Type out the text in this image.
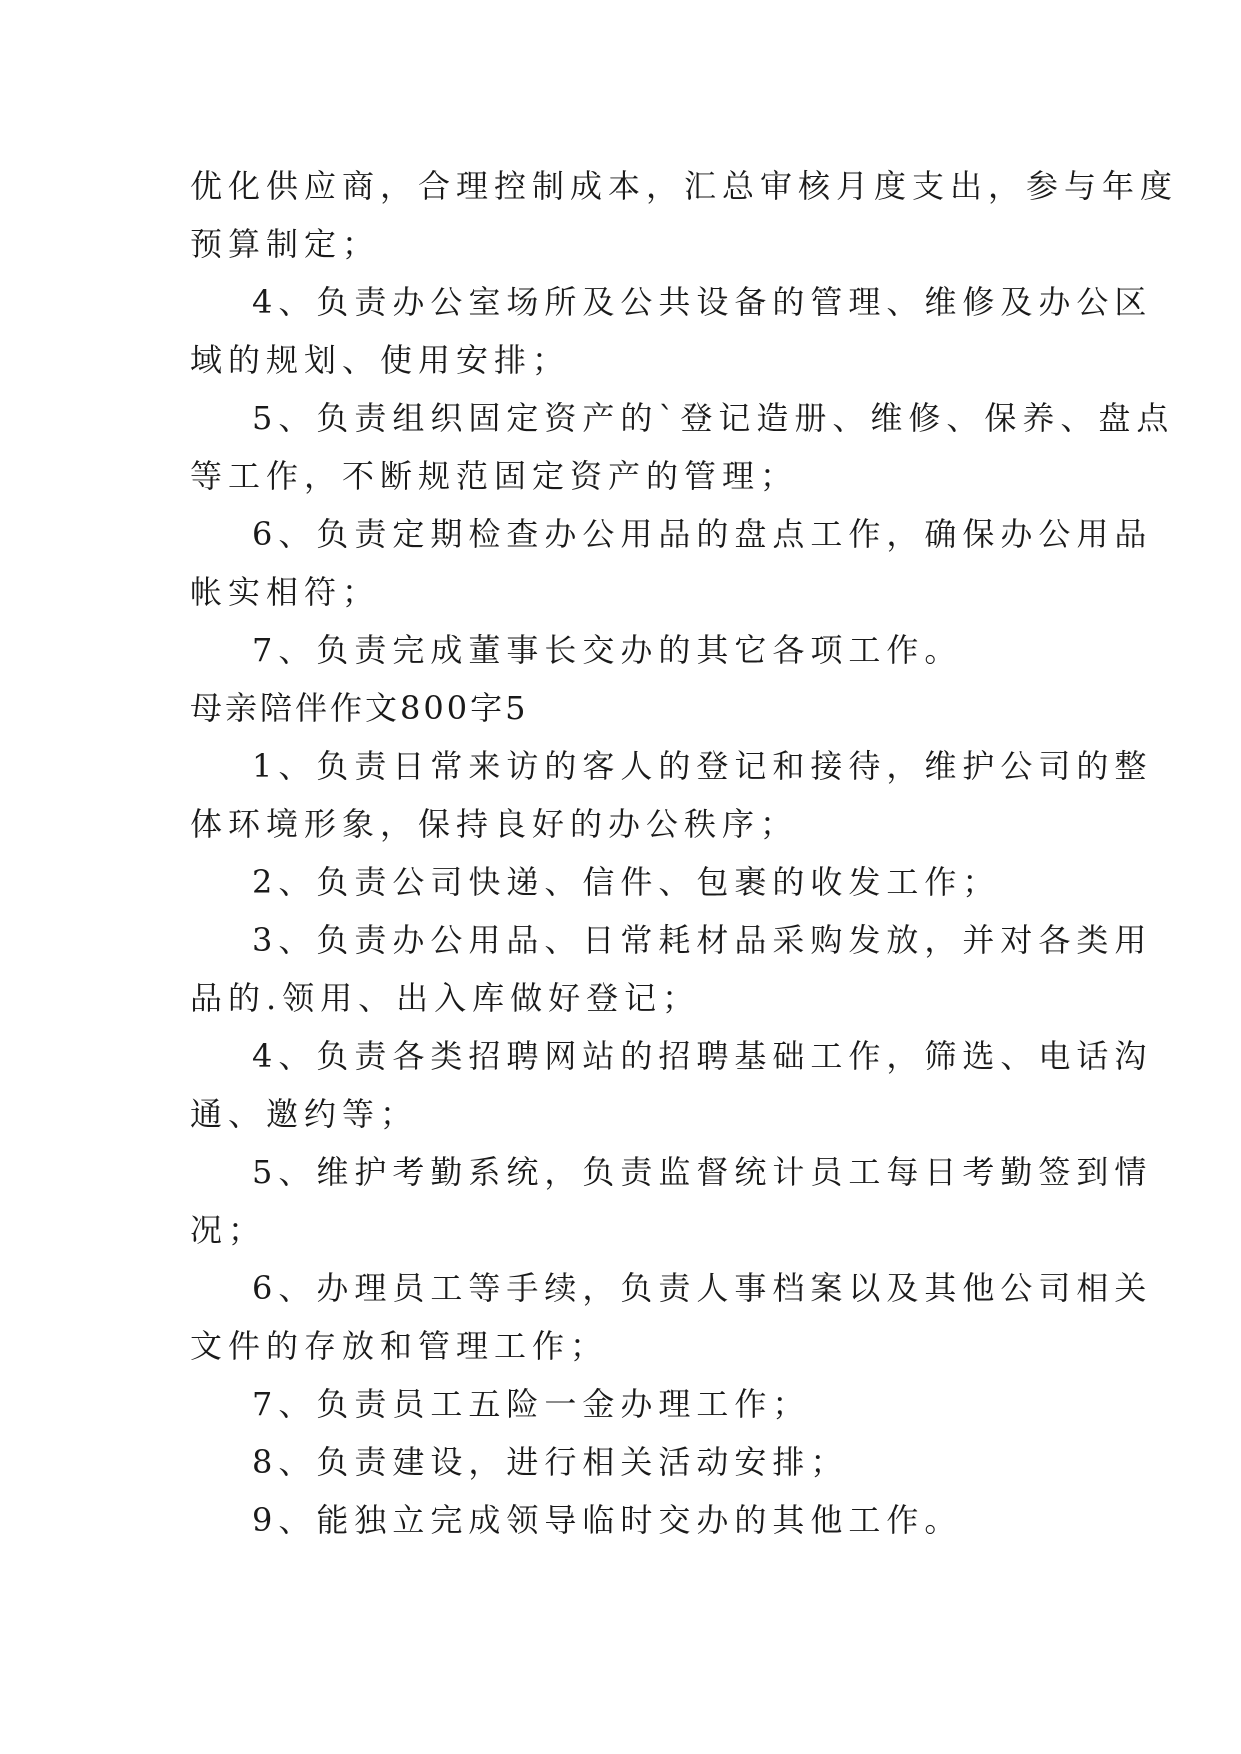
优化供应商，合理控制成本，汇总审核月度支出，参与年度
预算制定；
4、负责办公室场所及公共设备的管理、维修及办公区
域的规划、使用安排；
5、负责组织固定资产的`登记造册、维修、保养、盘点
等工作，不断规范固定资产的管理；
6、负责定期检查办公用品的盘点工作，确保办公用品
帐实相符；
7、负责完成董事长交办的其它各项工作。
母亲陪伴作文800字5
1、负责日常来访的客人的登记和接待，维护公司的整
体环境形象，保持良好的办公秩序；
2、负责公司快递、信件、包裹的收发工作；
3、负责办公用品、日常耗材品采购发放，并对各类用
品的.领用、出入库做好登记；
4、负责各类招聘网站的招聘基础工作，筛选、电话沟
通、邀约等；
5、维护考勤系统，负责监督统计员工每日考勤签到情
况；
6、办理员工等手续，负责人事档案以及其他公司相关
文件的存放和管理工作；
7、负责员工五险一金办理工作；
8、负责建设，进行相关活动安排；
9、能独立完成领导临时交办的其他工作。
